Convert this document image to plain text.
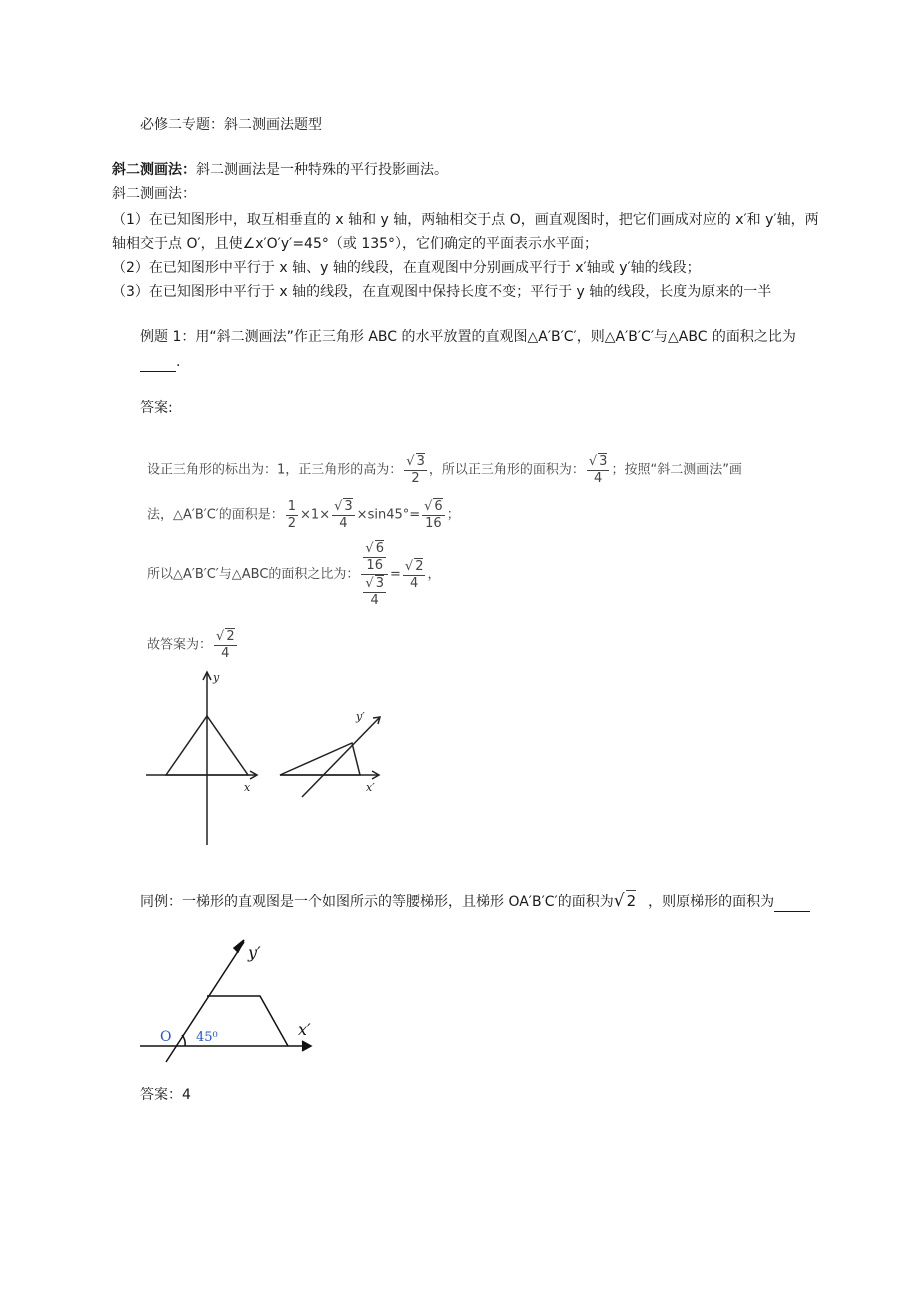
必修二专题：斜二测画法题型
斜二测画法：斜二测画法是一种特殊的平行投影画法。
斜二测画法：
（1）在已知图形中，取互相垂直的 x 轴和 y 轴，两轴相交于点 O，画直观图时，把它们画成对应的 x′和 y′轴，两
轴相交于点 O′，且使∠x′O′y′=45°（或 135°），它们确定的平面表示水平面；
（2）在已知图形中平行于 x 轴、y 轴的线段，在直观图中分别画成平行于 x′轴或 y′轴的线段；
（3）在已知图形中平行于 x 轴的线段，在直观图中保持长度不变；平行于 y 轴的线段，长度为原来的一半
例题 1：用“斜二测画法”作正三角形 ABC 的水平放置的直观图△A′B′C′，则△A′B′C′与△ABC 的面积之比为
.
答案:
设正三角形的标出为：1，正三角形的高为： $\frac{√ 3}{2}$ ，所以正三角形的面积为： $\frac{√ 3}{4}$ ；按照“斜二测画法”画
法，△A′B′C′的面积是： $\frac{1}{2} \times 1\times \frac{√ 3}{4} \times\sin 45^\circ= \frac{√ 6}{16}$ ；
所以△A′B′C′与△ABC的面积之比为： $\frac{\frac{√ 6}{16}}{\frac{√ 3}{4}} = \frac{√ 2}{4}$ ，
故答案为： $\frac{√ 2}{4}$
y
x
y′
x′
同例：一梯形的直观图是一个如图所示的等腰梯形，且梯形 OA′B′C′的面积为√ 2 ，则原梯形的面积为
O 45⁰
y′
x′
答案：4
